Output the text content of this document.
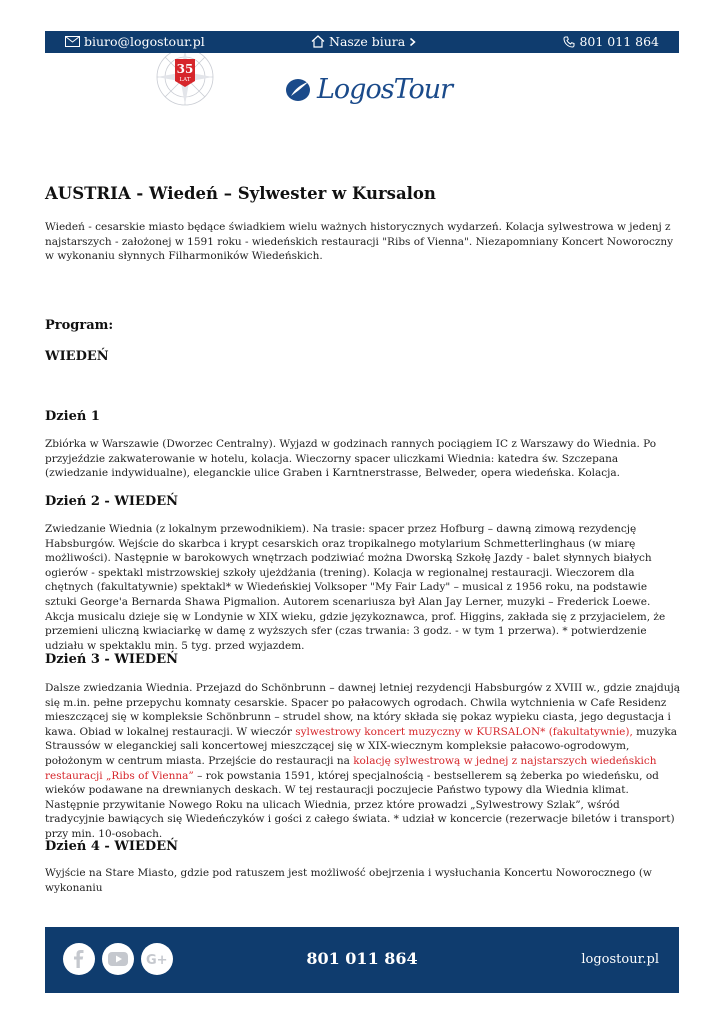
biuro@logostour.pl	Nasze biura	801 011 864
35
LAT	LogosTour
AUSTRIA - Wiedeń – Sylwester w Kursalon

Wiedeń - cesarskie miasto będące świadkiem wielu ważnych historycznych wydarzeń. Kolacja sylwestrowa w jedenj z najstarszych - założonej w 1591 roku - wiedeńskich restauracji "Ribs of Vienna". Niezapomniany Koncert Noworoczny w wykonaniu słynnych Filharmoników Wiedeńskich.

Program:
WIEDEŃ
Dzień 1

Zbiórka w Warszawie (Dworzec Centralny). Wyjazd w godzinach rannych pociągiem IC z Warszawy do Wiednia. Po przyjeździe zakwaterowanie w hotelu, kolacja. Wieczorny spacer uliczkami Wiednia: katedra św. Szczepana (zwiedzanie indywidualne), eleganckie ulice Graben i Karntnerstrasse, Belweder, opera wiedeńska. Kolacja.

Dzień 2 - WIEDEŃ

Zwiedzanie Wiednia (z lokalnym przewodnikiem). Na trasie: spacer przez Hofburg – dawną zimową rezydencję Habsburgów. Wejście do skarbca i krypt cesarskich oraz tropikalnego motylarium Schmetterlinghaus (w miarę możliwości). Następnie w barokowych wnętrzach podziwiać można Dworską Szkołę Jazdy - balet słynnych białych ogierów - spektakl mistrzowskiej szkoły ujeżdżania (trening). Kolacja w regionalnej restauracji. Wieczorem dla chętnych (fakultatywnie) spektakl* w Wiedeńskiej Volksoper "My Fair Lady" – musical z 1956 roku, na podstawie sztuki George'a Bernarda Shawa Pigmalion. Autorem scenariusza był Alan Jay Lerner, muzyki – Frederick Loewe. Akcja musicalu dzieje się w Londynie w XIX wieku, gdzie językoznawca, prof. Higgins, zakłada się z przyjacielem, że przemieni uliczną kwiaciarkę w damę z wyższych sfer (czas trwania: 3 godz. - w tym 1 przerwa). * potwierdzenie udziału w spektaklu min. 5 tyg. przed wyjazdem.

Dzień 3 - WIEDEŃ

Dalsze zwiedzania Wiednia. Przejazd do Schönbrunn – dawnej letniej rezydencji Habsburgów z XVIII w., gdzie znajdują się m.in. pełne przepychu komnaty cesarskie. Spacer po pałacowych ogrodach. Chwila wytchnienia w Cafe Residenz mieszczącej się w kompleksie Schönbrunn – strudel show, na który składa się pokaz wypieku ciasta, jego degustacja i kawa. Obiad w lokalnej restauracji. W wieczór sylwestrowy koncert muzyczny w KURSALON* (fakultatywnie), muzyka Straussów w eleganckiej sali koncertowej mieszczącej się w XIX-wiecznym kompleksie pałacowo-ogrodowym, położonym w centrum miasta. Przejście do restauracji na kolację sylwestrową w jednej z najstarszych wiedeńskich restauracji „Ribs of Vienna” – rok powstania 1591, której specjalnością - bestsellerem są żeberka po wiedeńsku, od wieków podawane na drewnianych deskach. W tej restauracji poczujecie Państwo typowy dla Wiednia klimat. Następnie przywitanie Nowego Roku na ulicach Wiednia, przez które prowadzi „Sylwestrowy Szlak”, wśród tradycyjnie bawiących się Wiedeńczyków i gości z całego świata. * udział w koncercie (rezerwacje biletów i transport) przy min. 10-osobach.

Dzień 4 - WIEDEŃ

Wyjście na Stare Miasto, gdzie pod ratuszem jest możliwość obejrzenia i wysłuchania Koncertu Noworocznego (w wykonaniu

G+	801 011 864	logostour.pl
